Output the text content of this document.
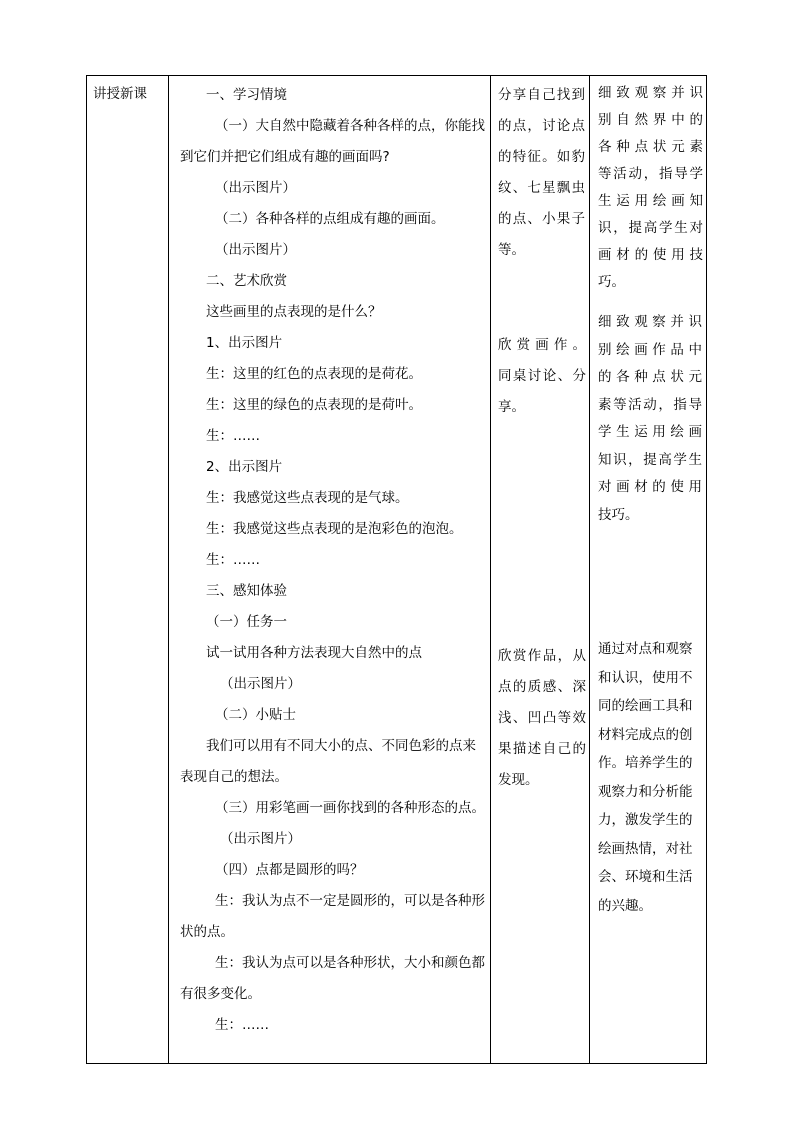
讲授新课	一、学习情境
（一）大自然中隐藏着各种各样的点，你能找
到它们并把它们组成有趣的画面吗?
（出示图片）
（二）各种各样的点组成有趣的画面。
（出示图片）
二、艺术欣赏
这些画里的点表现的是什么？
1、出示图片
生：这里的红色的点表现的是荷花。
生：这里的绿色的点表现的是荷叶。
生：……
2、出示图片
生：我感觉这些点表现的是气球。
生：我感觉这些点表现的是泡彩色的泡泡。
生：……
三、感知体验
（一）任务一
试一试用各种方法表现大自然中的点
（出示图片）
（二）小贴士
我们可以用有不同大小的点、不同色彩的点来
表现自己的想法。
（三）用彩笔画一画你找到的各种形态的点。
（出示图片）
（四）点都是圆形的吗？
生：我认为点不一定是圆形的，可以是各种形
状的点。
生：我认为点可以是各种形状，大小和颜色都
有很多变化。
生：……
分享自己找到
的点，讨论点
的特征。如豹
纹、七星飘虫
的点、小果子
等。
欣赏画作。
同桌讨论、分
享。
欣赏作品，从
点的质感、深
浅、凹凸等效
果描述自己的
发现。
细致观察并识
别自然界中的
各种点状元素
等活动，指导学
生运用绘画知
识，提高学生对
画材的使用技
巧。
细致观察并识
别绘画作品中
的各种点状元
素等活动，指导
学生运用绘画
知识，提高学生
对画材的使用
技巧。
通过对点和观察和认识，使用不同的绘画工具和材料完成点的创作。培养学生的观察力和分析能力，激发学生的绘画热情，对社会、环境和生活的兴趣。
